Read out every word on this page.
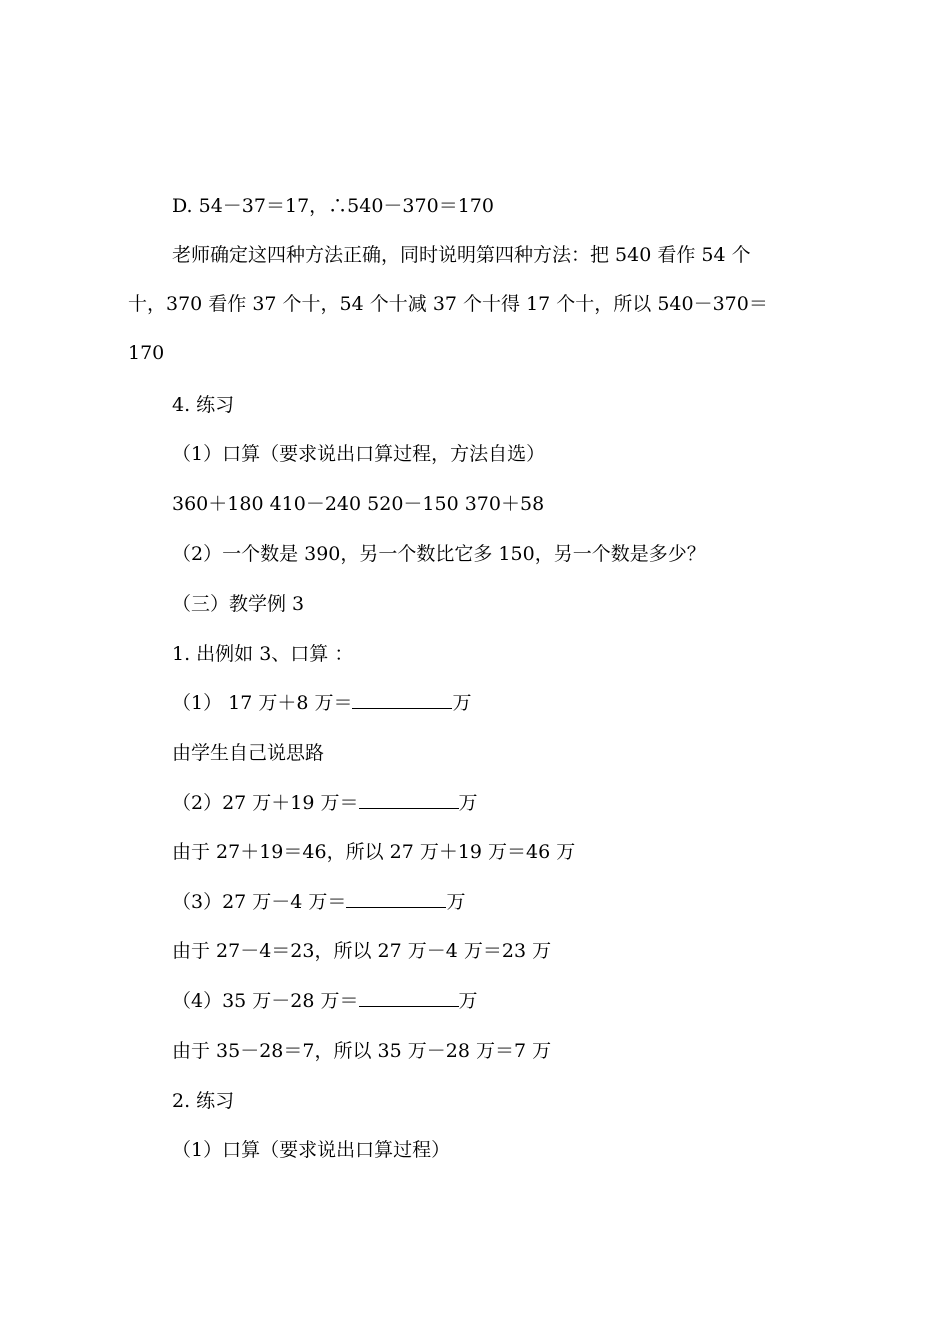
D. 54－37＝17，∴540－370＝170
老师确定这四种方法正确，同时说明第四种方法：把 540 看作 54 个
十，370 看作 37 个十，54 个十减 37 个十得 17 个十，所以 540－370＝
170
4. 练习
（1）口算（要求说出口算过程，方法自选）
360＋180 410－240 520－150 370＋58
（2）一个数是 390，另一个数比它多 150，另一个数是多少？
（三）教学例 3
1. 出例如 3、口算 ：
（1） 17 万＋8 万＝	万
由学生自己说思路
（2）27 万＋19 万＝	万
由于 27＋19＝46，所以 27 万＋19 万＝46 万
（3）27 万－4 万＝	万
由于 27－4＝23，所以 27 万－4 万＝23 万
（4）35 万－28 万＝	万
由于 35－28＝7，所以 35 万－28 万＝7 万
2. 练习
（1）口算（要求说出口算过程）
